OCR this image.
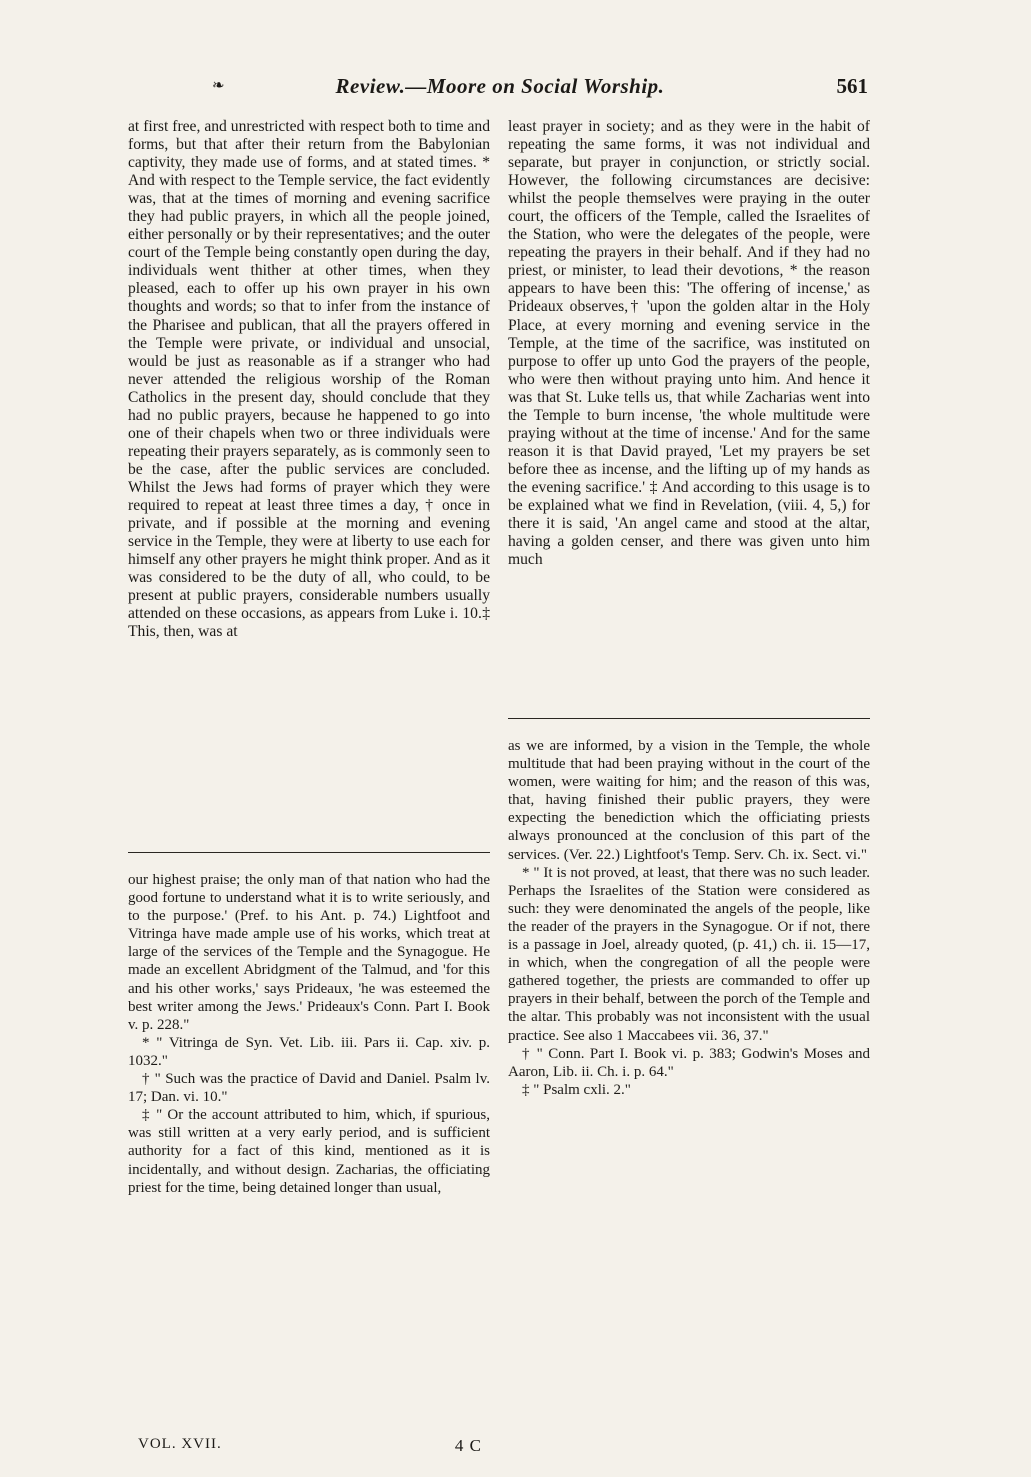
❧	Review.—Moore on Social Worship.	561

at first free, and unrestricted with respect both to time and forms, but that after their return from the Babylonian captivity, they made use of forms, and at stated times. * And with respect to the Temple service, the fact evidently was, that at the times of morning and evening sacrifice they had public prayers, in which all the people joined, either personally or by their representatives; and the outer court of the Temple being constantly open during the day, individuals went thither at other times, when they pleased, each to offer up his own prayer in his own thoughts and words; so that to infer from the instance of the Pharisee and publican, that all the prayers offered in the Temple were private, or individual and unsocial, would be just as reasonable as if a stranger who had never attended the religious worship of the Roman Catholics in the present day, should conclude that they had no public prayers, because he happened to go into one of their chapels when two or three individuals were repeating their prayers separately, as is commonly seen to be the case, after the public services are concluded. Whilst the Jews had forms of prayer which they were required to repeat at least three times a day, † once in private, and if possible at the morning and evening service in the Temple, they were at liberty to use each for himself any other prayers he might think proper. And as it was considered to be the duty of all, who could, to be present at public prayers, considerable numbers usually attended on these occasions, as appears from Luke i. 10.‡ This, then, was at

our highest praise; the only man of that nation who had the good fortune to understand what it is to write seriously, and to the purpose.' (Pref. to his Ant. p. 74.) Lightfoot and Vitringa have made ample use of his works, which treat at large of the services of the Temple and the Synagogue. He made an excellent Abridgment of the Talmud, and 'for this and his other works,' says Prideaux, 'he was esteemed the best writer among the Jews.' Prideaux's Conn. Part I. Book v. p. 228."

* " Vitringa de Syn. Vet. Lib. iii. Pars ii. Cap. xiv. p. 1032."

† " Such was the practice of David and Daniel. Psalm lv. 17; Dan. vi. 10."

‡ " Or the account attributed to him, which, if spurious, was still written at a very early period, and is sufficient authority for a fact of this kind, mentioned as it is incidentally, and without design. Zacharias, the officiating priest for the time, being detained longer than usual,

least prayer in society; and as they were in the habit of repeating the same forms, it was not individual and separate, but prayer in conjunction, or strictly social. However, the following circumstances are decisive: whilst the people themselves were praying in the outer court, the officers of the Temple, called the Israelites of the Station, who were the delegates of the people, were repeating the prayers in their behalf. And if they had no priest, or minister, to lead their devotions, * the reason appears to have been this: 'The offering of incense,' as Prideaux observes,† 'upon the golden altar in the Holy Place, at every morning and evening service in the Temple, at the time of the sacrifice, was instituted on purpose to offer up unto God the prayers of the people, who were then without praying unto him. And hence it was that St. Luke tells us, that while Zacharias went into the Temple to burn incense, 'the whole multitude were praying without at the time of incense.' And for the same reason it is that David prayed, 'Let my prayers be set before thee as incense, and the lifting up of my hands as the evening sacrifice.' ‡ And according to this usage is to be explained what we find in Revelation, (viii. 4, 5,) for there it is said, 'An angel came and stood at the altar, having a golden censer, and there was given unto him much

as we are informed, by a vision in the Temple, the whole multitude that had been praying without in the court of the women, were waiting for him; and the reason of this was, that, having finished their public prayers, they were expecting the benediction which the officiating priests always pronounced at the conclusion of this part of the services. (Ver. 22.) Lightfoot's Temp. Serv. Ch. ix. Sect. vi."

* " It is not proved, at least, that there was no such leader. Perhaps the Israelites of the Station were considered as such: they were denominated the angels of the people, like the reader of the prayers in the Synagogue. Or if not, there is a passage in Joel, already quoted, (p. 41,) ch. ii. 15—17, in which, when the congregation of all the people were gathered together, the priests are commanded to offer up prayers in their behalf, between the porch of the Temple and the altar. This probably was not inconsistent with the usual practice. See also 1 Maccabees vii. 36, 37."

† " Conn. Part I. Book vi. p. 383; Godwin's Moses and Aaron, Lib. ii. Ch. i. p. 64."

‡ " Psalm cxli. 2."

VOL. XVII.	4 C
